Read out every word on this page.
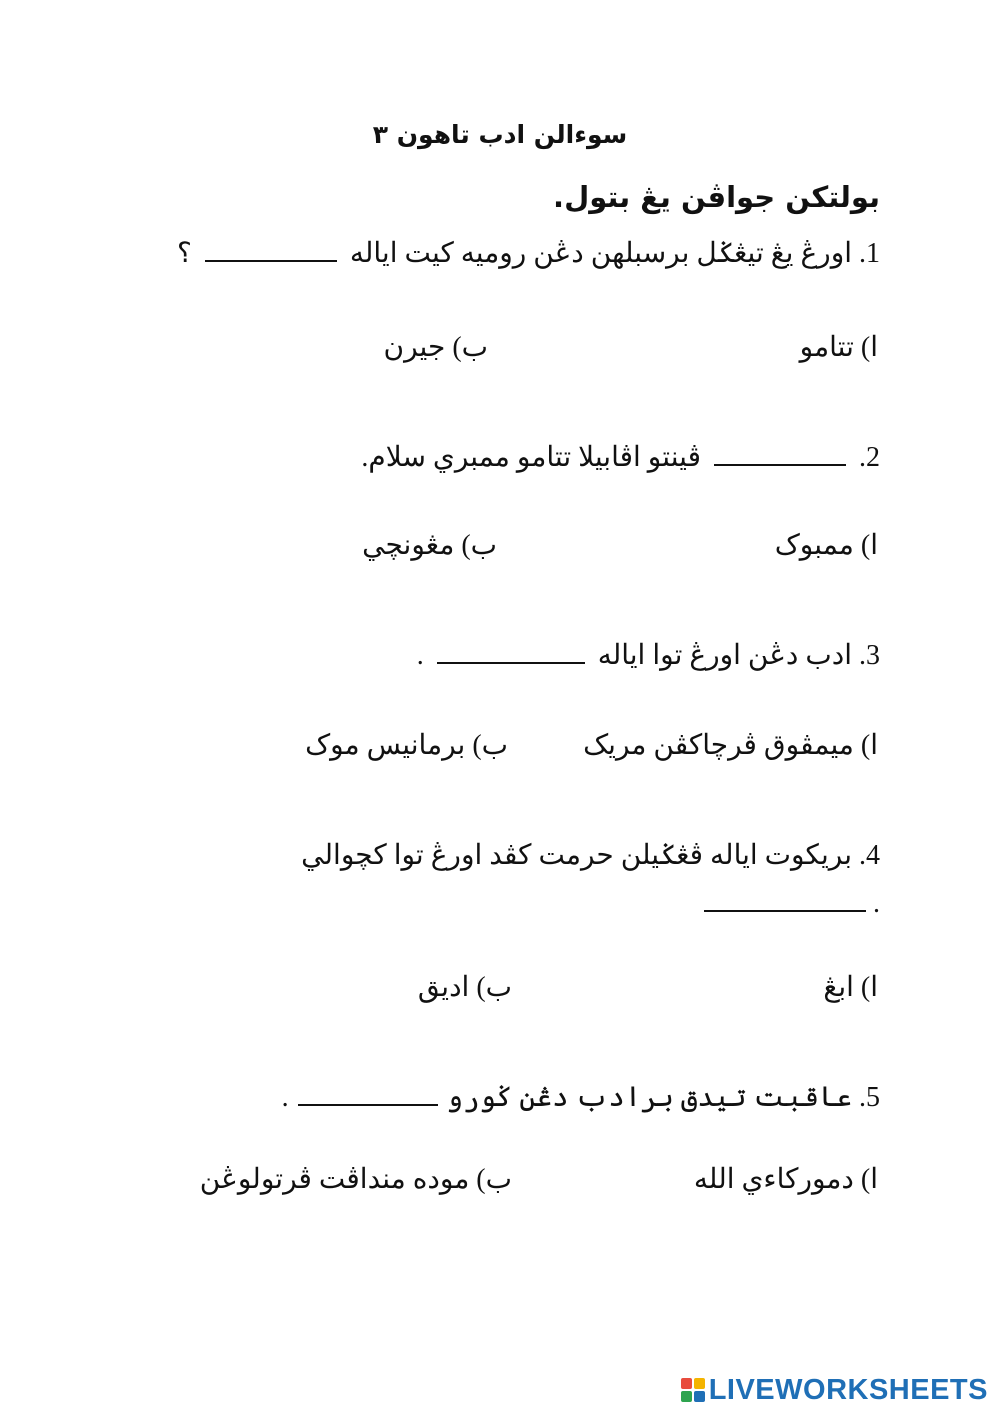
سوءالن ادب تاهون ٣
بولتكن جواڤن يڠ بتول.
1. اورڠ يڠ تيڠݢل برسبلهن دڠن روميه كيت اياله  ؟
ا) تتامو
ب) جيرن
2.  ڤينتو اڤابيلا تتامو ممبري سلام.
ا) ممبوک
ب) مڠونچي
3. ادب دڠن اورڠ توا اياله  .
ا) ميمڤوق ڤرچاكڤن مريک
ب) برمانيس موک
4. بريكوت اياله ڤڠݢيلن حرمت كڤد اورڠ توا كچوالي
.
ا) ابڠ
ب) اديق
5. عاقبت تيدق برادب دڠن ݢورو  .
ا) دموركاءي الله
ب) موده منداڤت ڤرتولوڠن
LIVEWORKSHEETS
